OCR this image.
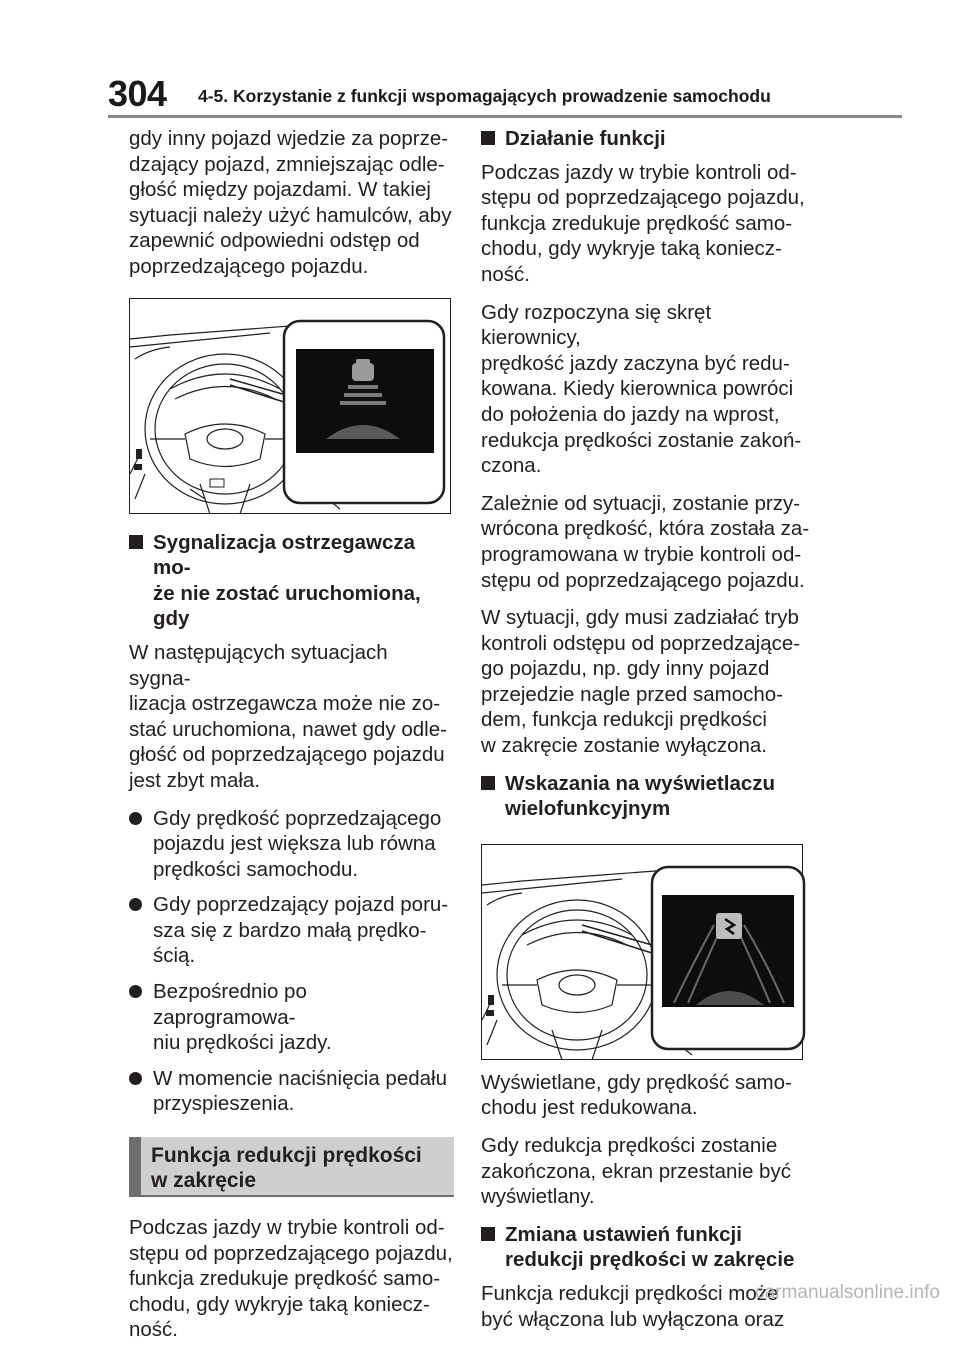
304 4-5. Korzystanie z funkcji wspomagających prowadzenie samochodu

gdy inny pojazd wjedzie za poprze-
dzający pojazd, zmniejszając odle-
głość między pojazdami. W takiej
sytuacji należy użyć hamulców, aby
zapewnić odpowiedni odstęp od
poprzedzającego pojazdu.

Sygnalizacja ostrzegawcza mo-
że nie zostać uruchomiona, gdy

W następujących sytuacjach sygna-
lizacja ostrzegawcza może nie zo-
stać uruchomiona, nawet gdy odle-
głość od poprzedzającego pojazdu
jest zbyt mała.

Gdy prędkość poprzedzającego
pojazdu jest większa lub równa
prędkości samochodu.
Gdy poprzedzający pojazd poru-
sza się z bardzo małą prędko-
ścią.
Bezpośrednio po zaprogramowa-
niu prędkości jazdy.
W momencie naciśnięcia pedału
przyspieszenia.
Funkcja redukcji prędkości
w zakręcie

Podczas jazdy w trybie kontroli od-
stępu od poprzedzającego pojazdu,
funkcja zredukuje prędkość samo-
chodu, gdy wykryje taką koniecz-
ność.

Działanie funkcji

Podczas jazdy w trybie kontroli od-
stępu od poprzedzającego pojazdu,
funkcja zredukuje prędkość samo-
chodu, gdy wykryje taką koniecz-
ność.

Gdy rozpoczyna się skręt kierownicy,
prędkość jazdy zaczyna być redu-
kowana. Kiedy kierownica powróci
do położenia do jazdy na wprost,
redukcja prędkości zostanie zakoń-
czona.

Zależnie od sytuacji, zostanie przy-
wrócona prędkość, która została za-
programowana w trybie kontroli od-
stępu od poprzedzającego pojazdu.

W sytuacji, gdy musi zadziałać tryb
kontroli odstępu od poprzedzające-
go pojazdu, np. gdy inny pojazd
przejedzie nagle przed samocho-
dem, funkcja redukcji prędkości
w zakręcie zostanie wyłączona.

Wskazania na wyświetlaczu
wielofunkcyjnym

Wyświetlane, gdy prędkość samo-
chodu jest redukowana.

Gdy redukcja prędkości zostanie
zakończona, ekran przestanie być
wyświetlany.

Zmiana ustawień funkcji
redukcji prędkości w zakręcie

Funkcja redukcji prędkości może
być włączona lub wyłączona oraz

carmanualsonline.info
